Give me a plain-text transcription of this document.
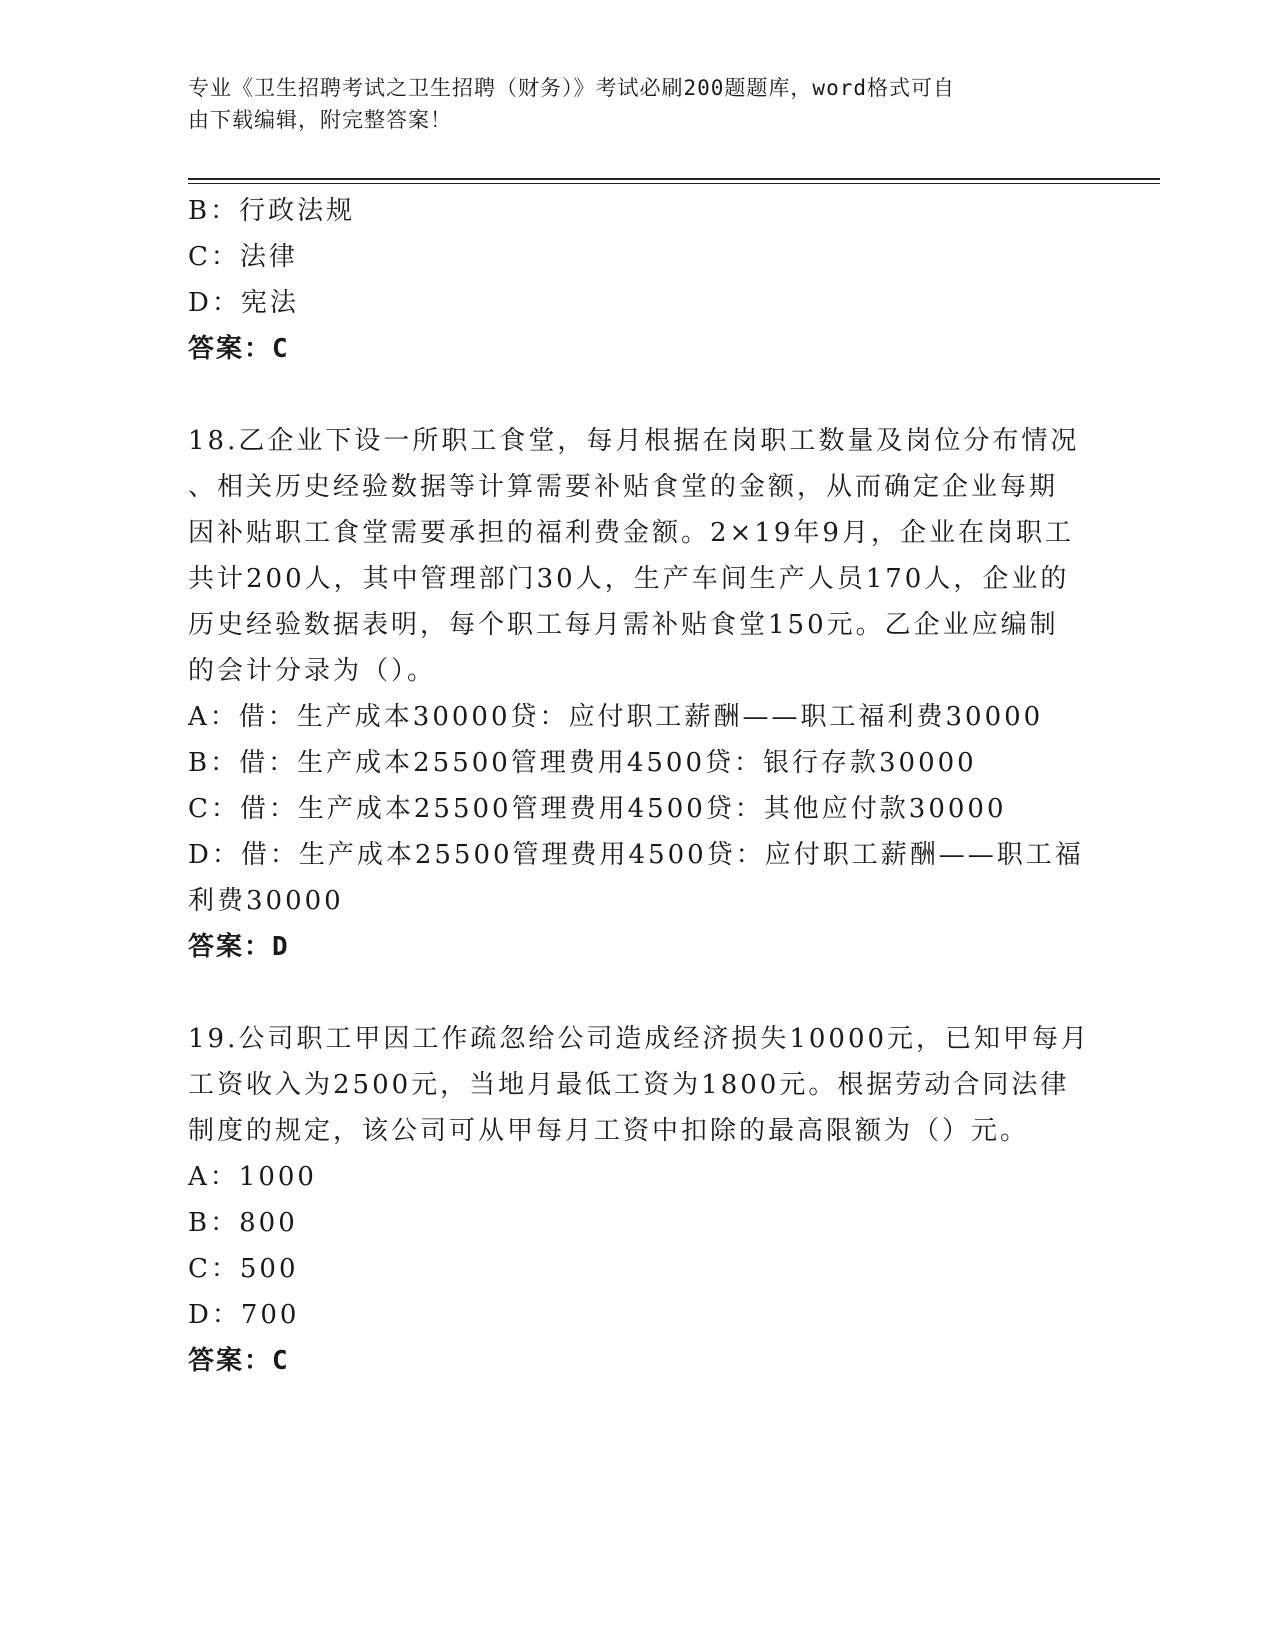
专业《卫生招聘考试之卫生招聘（财务）》考试必刷200题题库，word格式可自
由下载编辑，附完整答案！
B：行政法规
C：法律
D：宪法
答案：C
18.乙企业下设一所职工食堂，每月根据在岗职工数量及岗位分布情况
、相关历史经验数据等计算需要补贴食堂的金额，从而确定企业每期
因补贴职工食堂需要承担的福利费金额。2×19年9月，企业在岗职工
共计200人，其中管理部门30人，生产车间生产人员170人，企业的
历史经验数据表明，每个职工每月需补贴食堂150元。乙企业应编制
的会计分录为（）。
A：借：生产成本30000贷：应付职工薪酬——职工福利费30000
B：借：生产成本25500管理费用4500贷：银行存款30000
C：借：生产成本25500管理费用4500贷：其他应付款30000
D：借：生产成本25500管理费用4500贷：应付职工薪酬——职工福
利费30000
答案：D
19.公司职工甲因工作疏忽给公司造成经济损失10000元，已知甲每月
工资收入为2500元，当地月最低工资为1800元。根据劳动合同法律
制度的规定，该公司可从甲每月工资中扣除的最高限额为（）元。
A：1000
B：800
C：500
D：700
答案：C
